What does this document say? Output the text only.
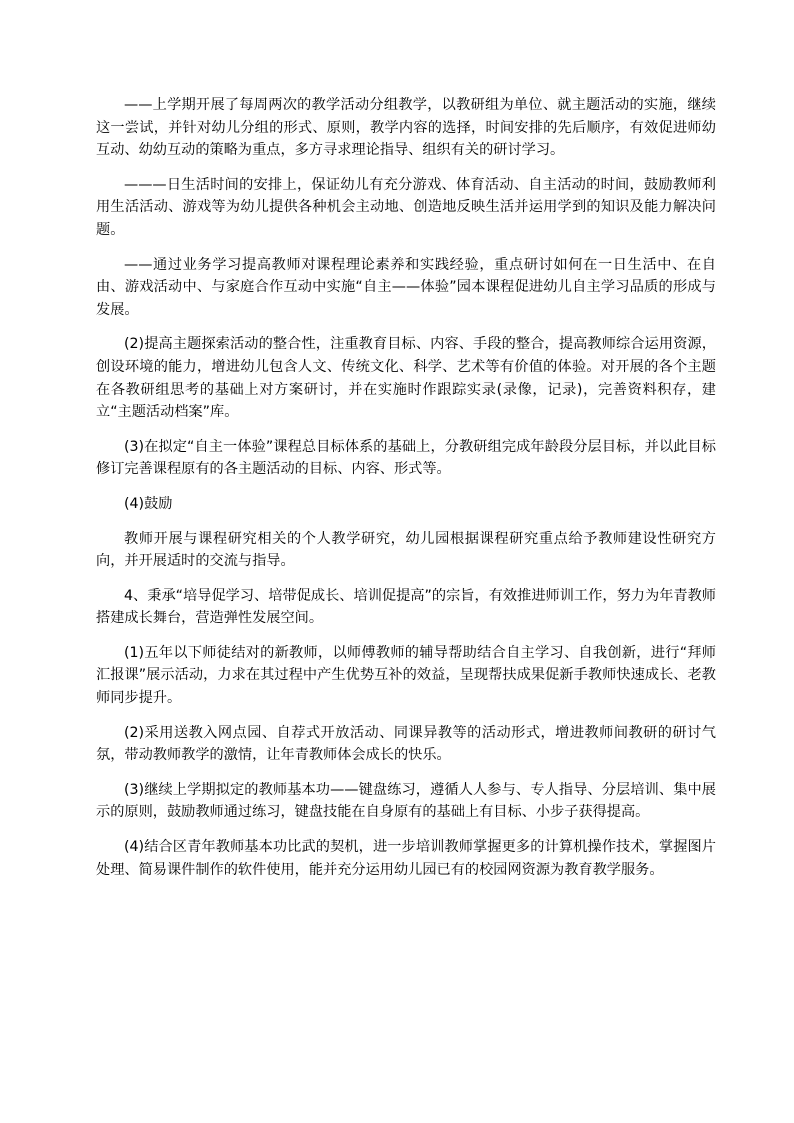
——上学期开展了每周两次的教学活动分组教学，以教研组为单位、就主题活动的实施，继续这一尝试，并针对幼儿分组的形式、原则，教学内容的选择，时间安排的先后顺序，有效促进师幼互动、幼幼互动的策略为重点，多方寻求理论指导、组织有关的研讨学习。

———日生活时间的安排上，保证幼儿有充分游戏、体育活动、自主活动的时间，鼓励教师利用生活活动、游戏等为幼儿提供各种机会主动地、创造地反映生活并运用学到的知识及能力解决问题。

——通过业务学习提高教师对课程理论素养和实践经验，重点研讨如何在一日生活中、在自由、游戏活动中、与家庭合作互动中实施“自主——体验”园本课程促进幼儿自主学习品质的形成与发展。

(2)提高主题探索活动的整合性，注重教育目标、内容、手段的整合，提高教师综合运用资源，创设环境的能力，增进幼儿包含人文、传统文化、科学、艺术等有价值的体验。对开展的各个主题在各教研组思考的基础上对方案研讨，并在实施时作跟踪实录(录像，记录)，完善资料积存，建立“主题活动档案”库。

(3)在拟定“自主一体验”课程总目标体系的基础上，分教研组完成年龄段分层目标，并以此目标修订完善课程原有的各主题活动的目标、内容、形式等。

(4)鼓励

教师开展与课程研究相关的个人教学研究，幼儿园根据课程研究重点给予教师建设性研究方向，并开展适时的交流与指导。

4、秉承“培导促学习、培带促成长、培训促提高”的宗旨，有效推进师训工作，努力为年青教师搭建成长舞台，营造弹性发展空间。

(1)五年以下师徒结对的新教师，以师傅教师的辅导帮助结合自主学习、自我创新，进行“拜师汇报课”展示活动，力求在其过程中产生优势互补的效益，呈现帮扶成果促新手教师快速成长、老教师同步提升。

(2)采用送教入网点园、自荐式开放活动、同课异教等的活动形式，增进教师间教研的研讨气氛，带动教师教学的激情，让年青教师体会成长的快乐。

(3)继续上学期拟定的教师基本功——键盘练习，遵循人人参与、专人指导、分层培训、集中展示的原则，鼓励教师通过练习，键盘技能在自身原有的基础上有目标、小步子获得提高。

(4)结合区青年教师基本功比武的契机，进一步培训教师掌握更多的计算机操作技术，掌握图片处理、简易课件制作的软件使用，能并充分运用幼儿园已有的校园网资源为教育教学服务。
